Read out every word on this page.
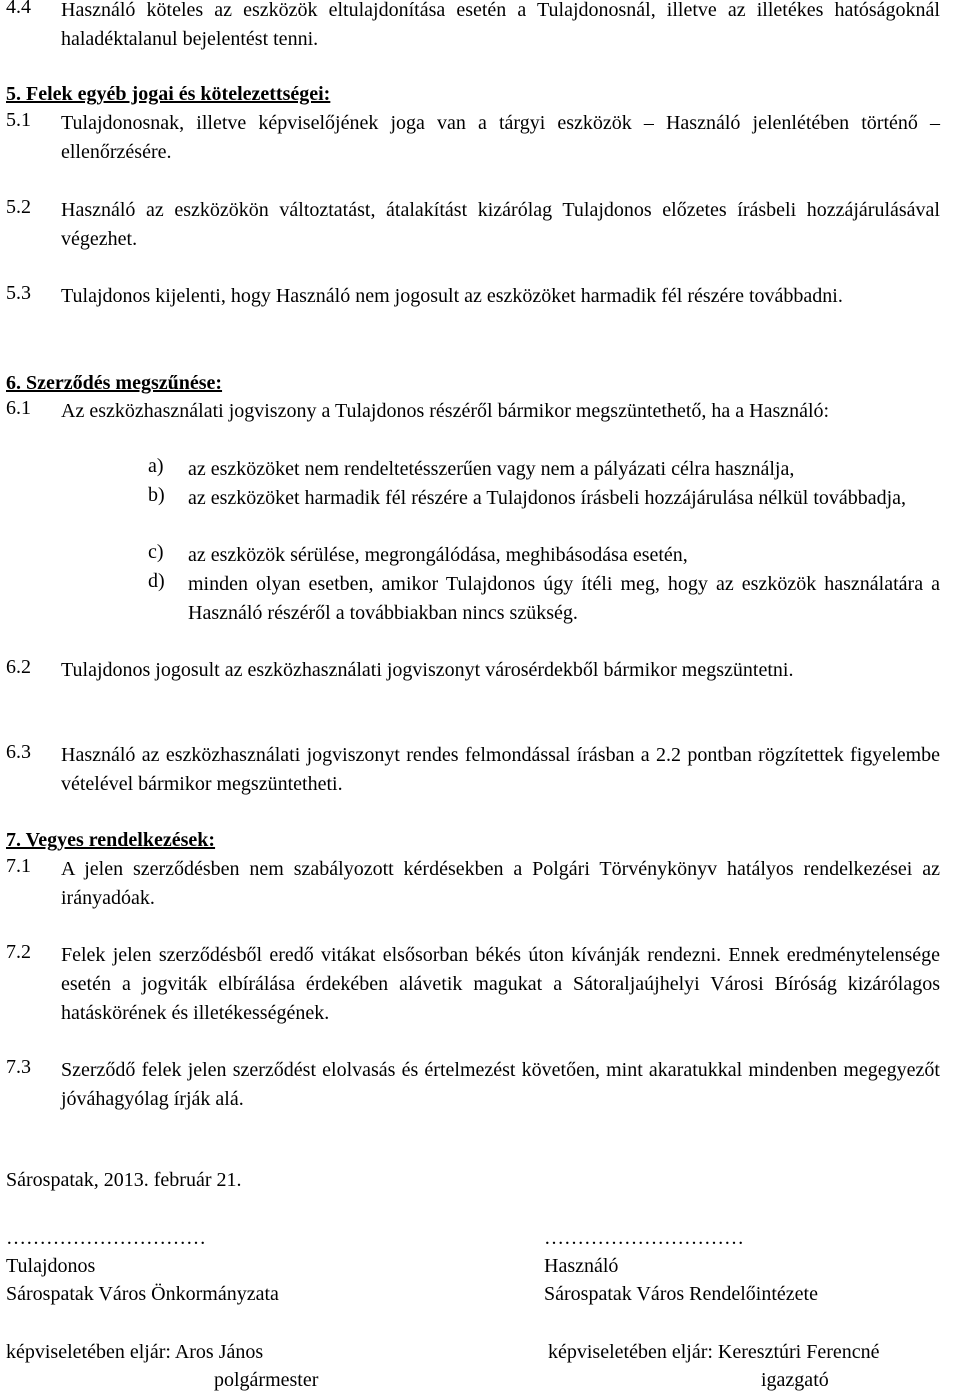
4.4	Használó köteles az eszközök eltulajdonítása esetén a Tulajdonosnál, illetve az illetékes hatóságoknál haladéktalanul bejelentést tenni.
5. Felek egyéb jogai és kötelezettségei:
5.1	Tulajdonosnak, illetve képviselőjének joga van a tárgyi eszközök – Használó jelenlétében történő – ellenőrzésére.
5.2	Használó az eszközökön változtatást, átalakítást kizárólag Tulajdonos előzetes írásbeli hozzájárulásával végezhet.
5.3	Tulajdonos kijelenti, hogy Használó nem jogosult az eszközöket harmadik fél részére továbbadni.
6. Szerződés megszűnése:
6.1	Az eszközhasználati jogviszony a Tulajdonos részéről bármikor megszüntethető, ha a Használó:
a)	az eszközöket nem rendeltetésszerűen vagy nem a pályázati célra használja,
b)	az eszközöket harmadik fél részére a Tulajdonos írásbeli hozzájárulása nélkül továbbadja,
c)	az eszközök sérülése, megrongálódása, meghibásodása esetén,
d)	minden olyan esetben, amikor Tulajdonos úgy ítéli meg, hogy az eszközök használatára a Használó részéről a továbbiakban nincs szükség.
6.2	Tulajdonos jogosult az eszközhasználati jogviszonyt városérdekből bármikor megszüntetni.
6.3	Használó az eszközhasználati jogviszonyt rendes felmondással írásban a 2.2 pontban rögzítettek figyelembe vételével bármikor megszüntetheti.
7. Vegyes rendelkezések:
7.1	A jelen szerződésben nem szabályozott kérdésekben a Polgári Törvénykönyv hatályos rendelkezései az irányadóak.
7.2	Felek jelen szerződésből eredő vitákat elsősorban békés úton kívánják rendezni. Ennek eredménytelensége esetén a jogviták elbírálása érdekében alávetik magukat a Sátoraljaújhelyi Városi Bíróság kizárólagos hatáskörének és illetékességének.
7.3	Szerződő felek jelen szerződést elolvasás és értelmezést követően, mint akaratukkal mindenben megegyezőt jóváhagyólag írják alá.
Sárospatak, 2013. február 21.
…………………………
Tulajdonos
Sárospatak Város Önkormányzata
képviseletében eljár: Aros János
polgármester
…………………………
Használó
Sárospatak Város Rendelőintézete
képviseletében eljár: Keresztúri Ferencné
igazgató
